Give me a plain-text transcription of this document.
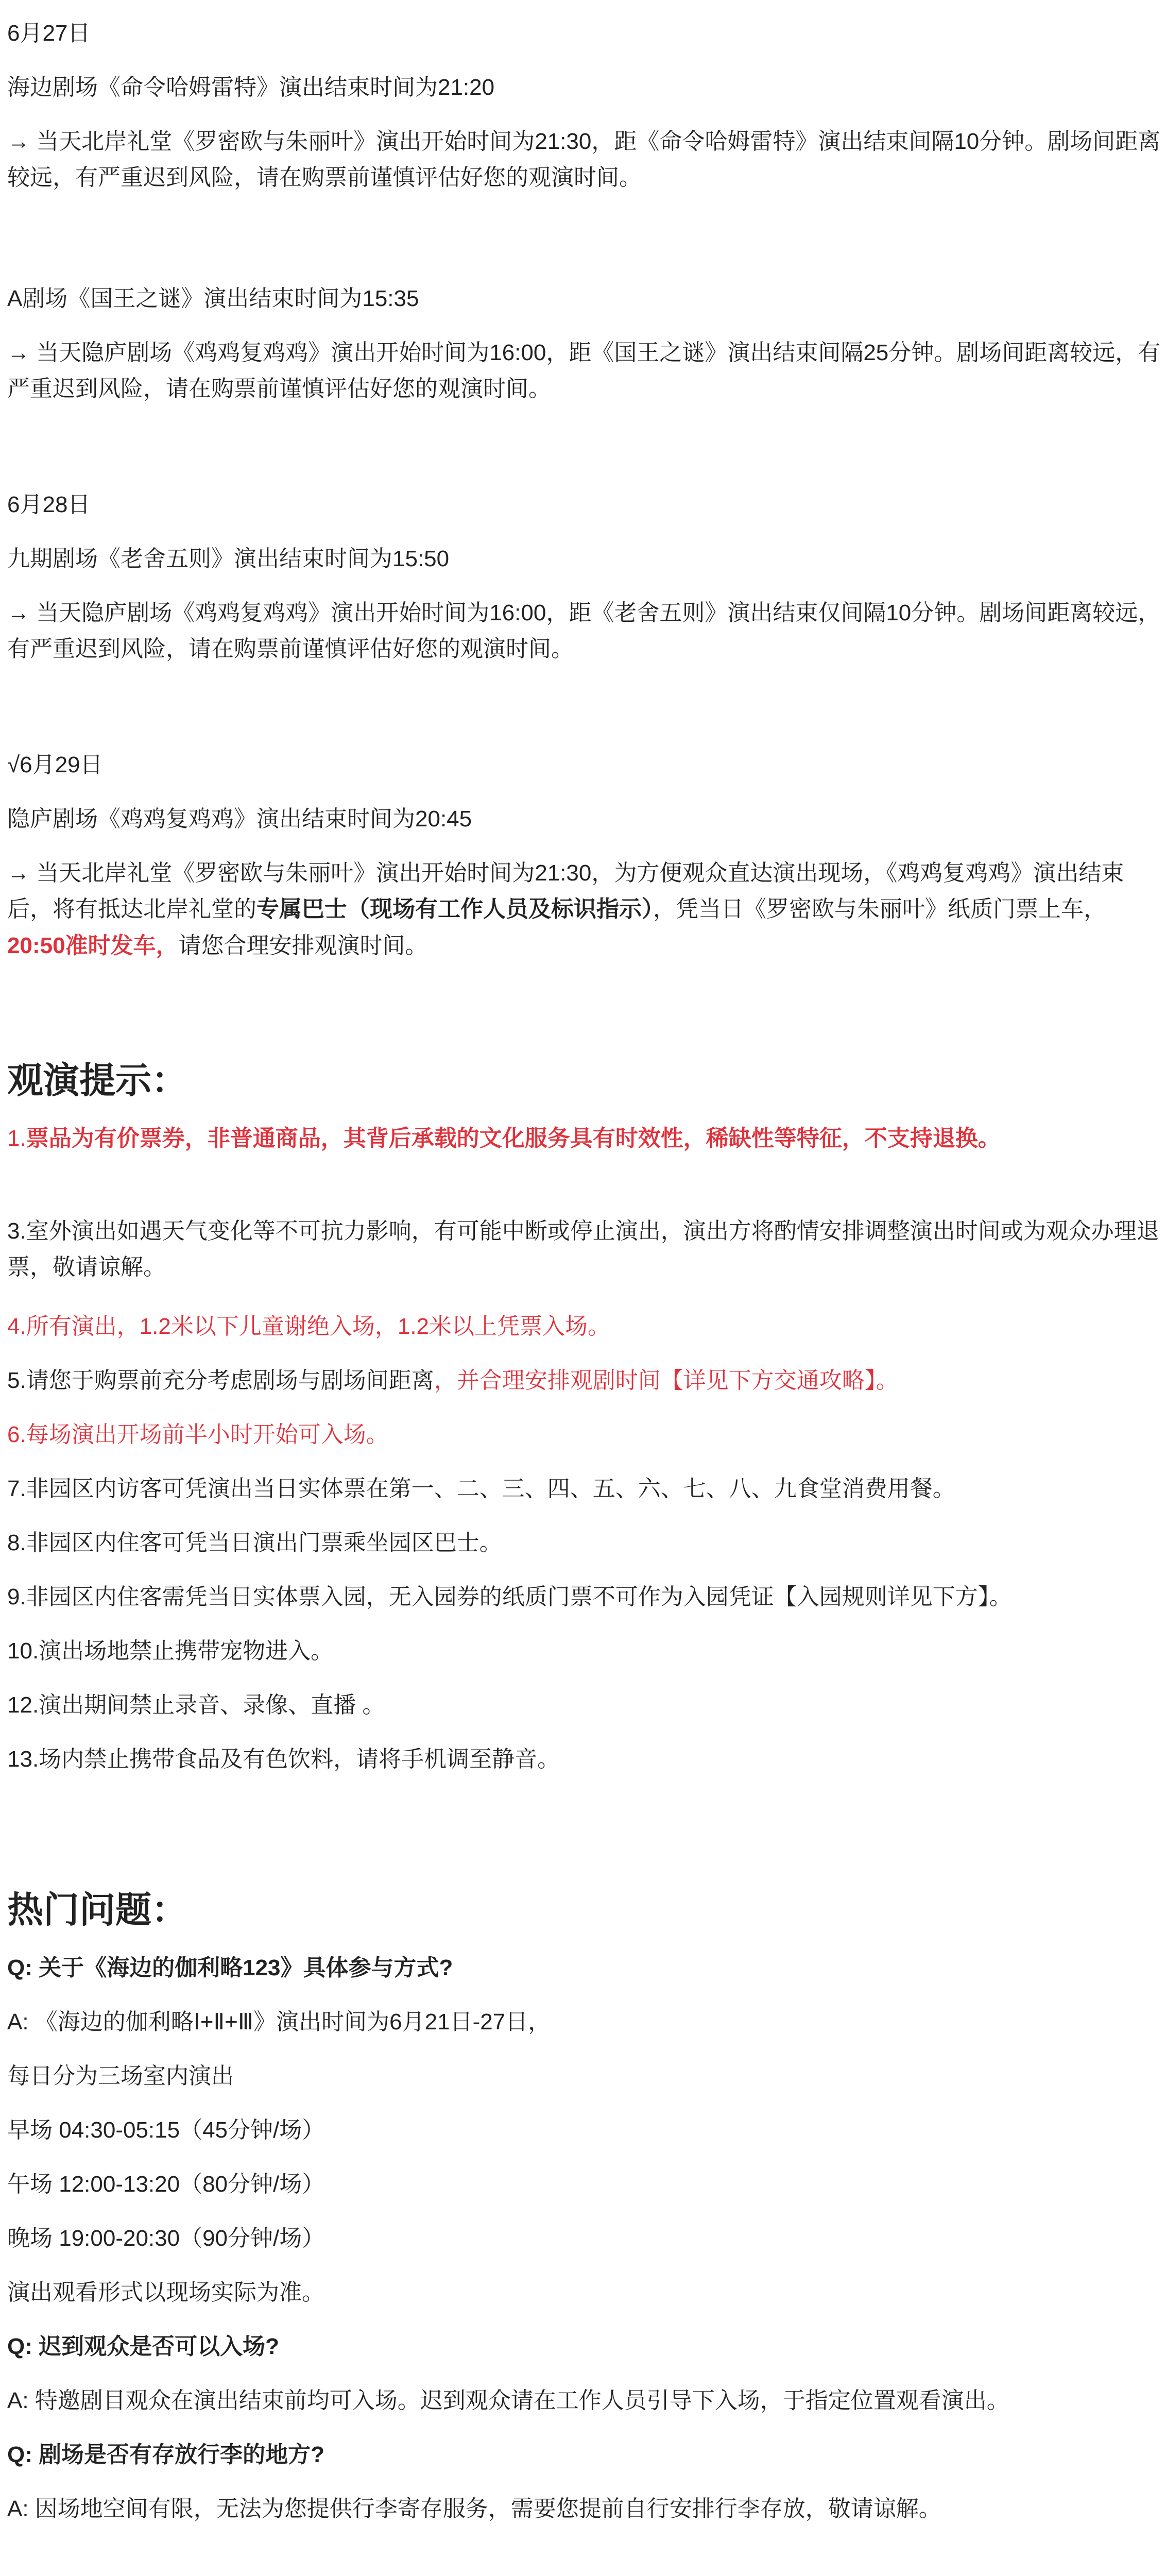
6月27日

海边剧场《命令哈姆雷特》演出结束时间为21:20

→ 当天北岸礼堂《罗密欧与朱丽叶》演出开始时间为21:30，距《命令哈姆雷特》演出结束间隔10分钟。剧场间距离较远，有严重迟到风险，请在购票前谨慎评估好您的观演时间。

A剧场《国王之谜》演出结束时间为15:35

→ 当天隐庐剧场《鸡鸡复鸡鸡》演出开始时间为16:00，距《国王之谜》演出结束间隔25分钟。剧场间距离较远，有严重迟到风险，请在购票前谨慎评估好您的观演时间。

6月28日

九期剧场《老舍五则》演出结束时间为15:50

→ 当天隐庐剧场《鸡鸡复鸡鸡》演出开始时间为16:00，距《老舍五则》演出结束仅间隔10分钟。剧场间距离较远，有严重迟到风险，请在购票前谨慎评估好您的观演时间。

√6月29日

隐庐剧场《鸡鸡复鸡鸡》演出结束时间为20:45

→ 当天北岸礼堂《罗密欧与朱丽叶》演出开始时间为21:30，为方便观众直达演出现场，《鸡鸡复鸡鸡》演出结束后，将有抵达北岸礼堂的专属巴士（现场有工作人员及标识指示），凭当日《罗密欧与朱丽叶》纸质门票上车，20:50准时发车，请您合理安排观演时间。

观演提示：

1.票品为有价票券，非普通商品，其背后承载的文化服务具有时效性，稀缺性等特征，不支持退换。

3.室外演出如遇天气变化等不可抗力影响，有可能中断或停止演出，演出方将酌情安排调整演出时间或为观众办理退票，敬请谅解。

4.所有演出，1.2米以下儿童谢绝入场，1.2米以上凭票入场。

5.请您于购票前充分考虑剧场与剧场间距离，并合理安排观剧时间【详见下方交通攻略】。

6.每场演出开场前半小时开始可入场。

7.非园区内访客可凭演出当日实体票在第一、二、三、四、五、六、七、八、九食堂消费用餐。

8.非园区内住客可凭当日演出门票乘坐园区巴士。

9.非园区内住客需凭当日实体票入园，无入园券的纸质门票不可作为入园凭证【入园规则详见下方】。

10.演出场地禁止携带宠物进入。

12.演出期间禁止录音、录像、直播 。

13.场内禁止携带食品及有色饮料，请将手机调至静音。

热门问题：

Q: 关于《海边的伽利略123》具体参与方式?

A: 《海边的伽利略Ⅰ+Ⅱ+Ⅲ》演出时间为6月21日-27日，

每日分为三场室内演出

早场 04:30-05:15（45分钟/场）

午场 12:00-13:20（80分钟/场）

晚场 19:00-20:30（90分钟/场）

演出观看形式以现场实际为准。

Q: 迟到观众是否可以入场?

A: 特邀剧目观众在演出结束前均可入场。迟到观众请在工作人员引导下入场，于指定位置观看演出。

Q: 剧场是否有存放行李的地方?

A: 因场地空间有限，无法为您提供行李寄存服务，需要您提前自行安排行李存放，敬请谅解。
